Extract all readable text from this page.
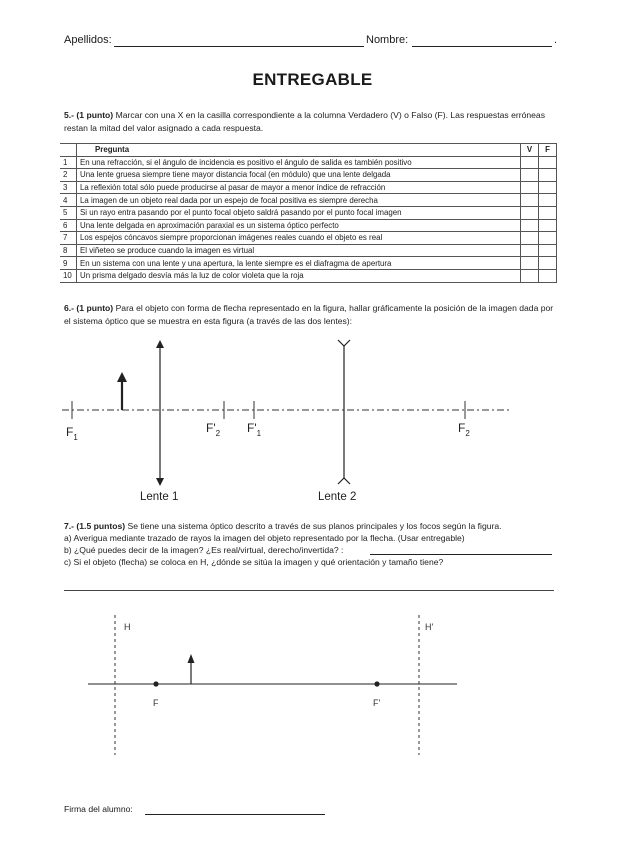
Apellidos:	Nombre:	.
ENTREGABLE
5.- (1 punto) Marcar con una X en la casilla correspondiente a la columna Verdadero (V) o Falso (F). Las respuestas erróneas restan la mitad del valor asignado a cada respuesta.
	Pregunta	V	F
1	En una refracción, si el ángulo de incidencia es positivo el ángulo de salida es también positivo		
2	Una lente gruesa siempre tiene mayor distancia focal (en módulo) que una lente delgada		
3	La reflexión total sólo puede producirse al pasar de mayor a menor índice de refracción		
4	La imagen de un objeto real dada por un espejo de focal positiva es siempre derecha		
5	Si un rayo entra pasando por el punto focal objeto saldrá pasando por el punto focal imagen		
6	Una lente delgada en aproximación paraxial es un sistema óptico perfecto		
7	Los espejos cóncavos siempre proporcionan imágenes reales cuando el objeto es real		
8	El viñeteo se produce cuando la imagen es virtual		
9	En un sistema con una lente y una apertura, la lente siempre es el diafragma de apertura		
10	Un prisma delgado desvía más la luz de color violeta que la roja		
6.- (1 punto) Para el objeto con forma de flecha representado en la figura, hallar gráficamente la posición de la imagen dada por el sistema óptico que se muestra en esta figura (a través de las dos lentes):
$F_1$
$F'_2$ $F'_1$	$F_2$
Lente 1	Lente 2
7.- (1.5 puntos) Se tiene una sistema óptico descrito a través de sus planos principales y los focos según la figura.
a) Averigua mediante trazado de rayos la imagen del objeto representado por la flecha. (Usar entregable)
b) ¿Qué puedes decir de la imagen? ¿Es real/virtual, derecho/invertida? :
c) Si el objeto (flecha) se coloca en H, ¿dónde se sitúa la imagen y qué orientación y tamaño tiene?
H	H'
F	F'
Firma del alumno:
